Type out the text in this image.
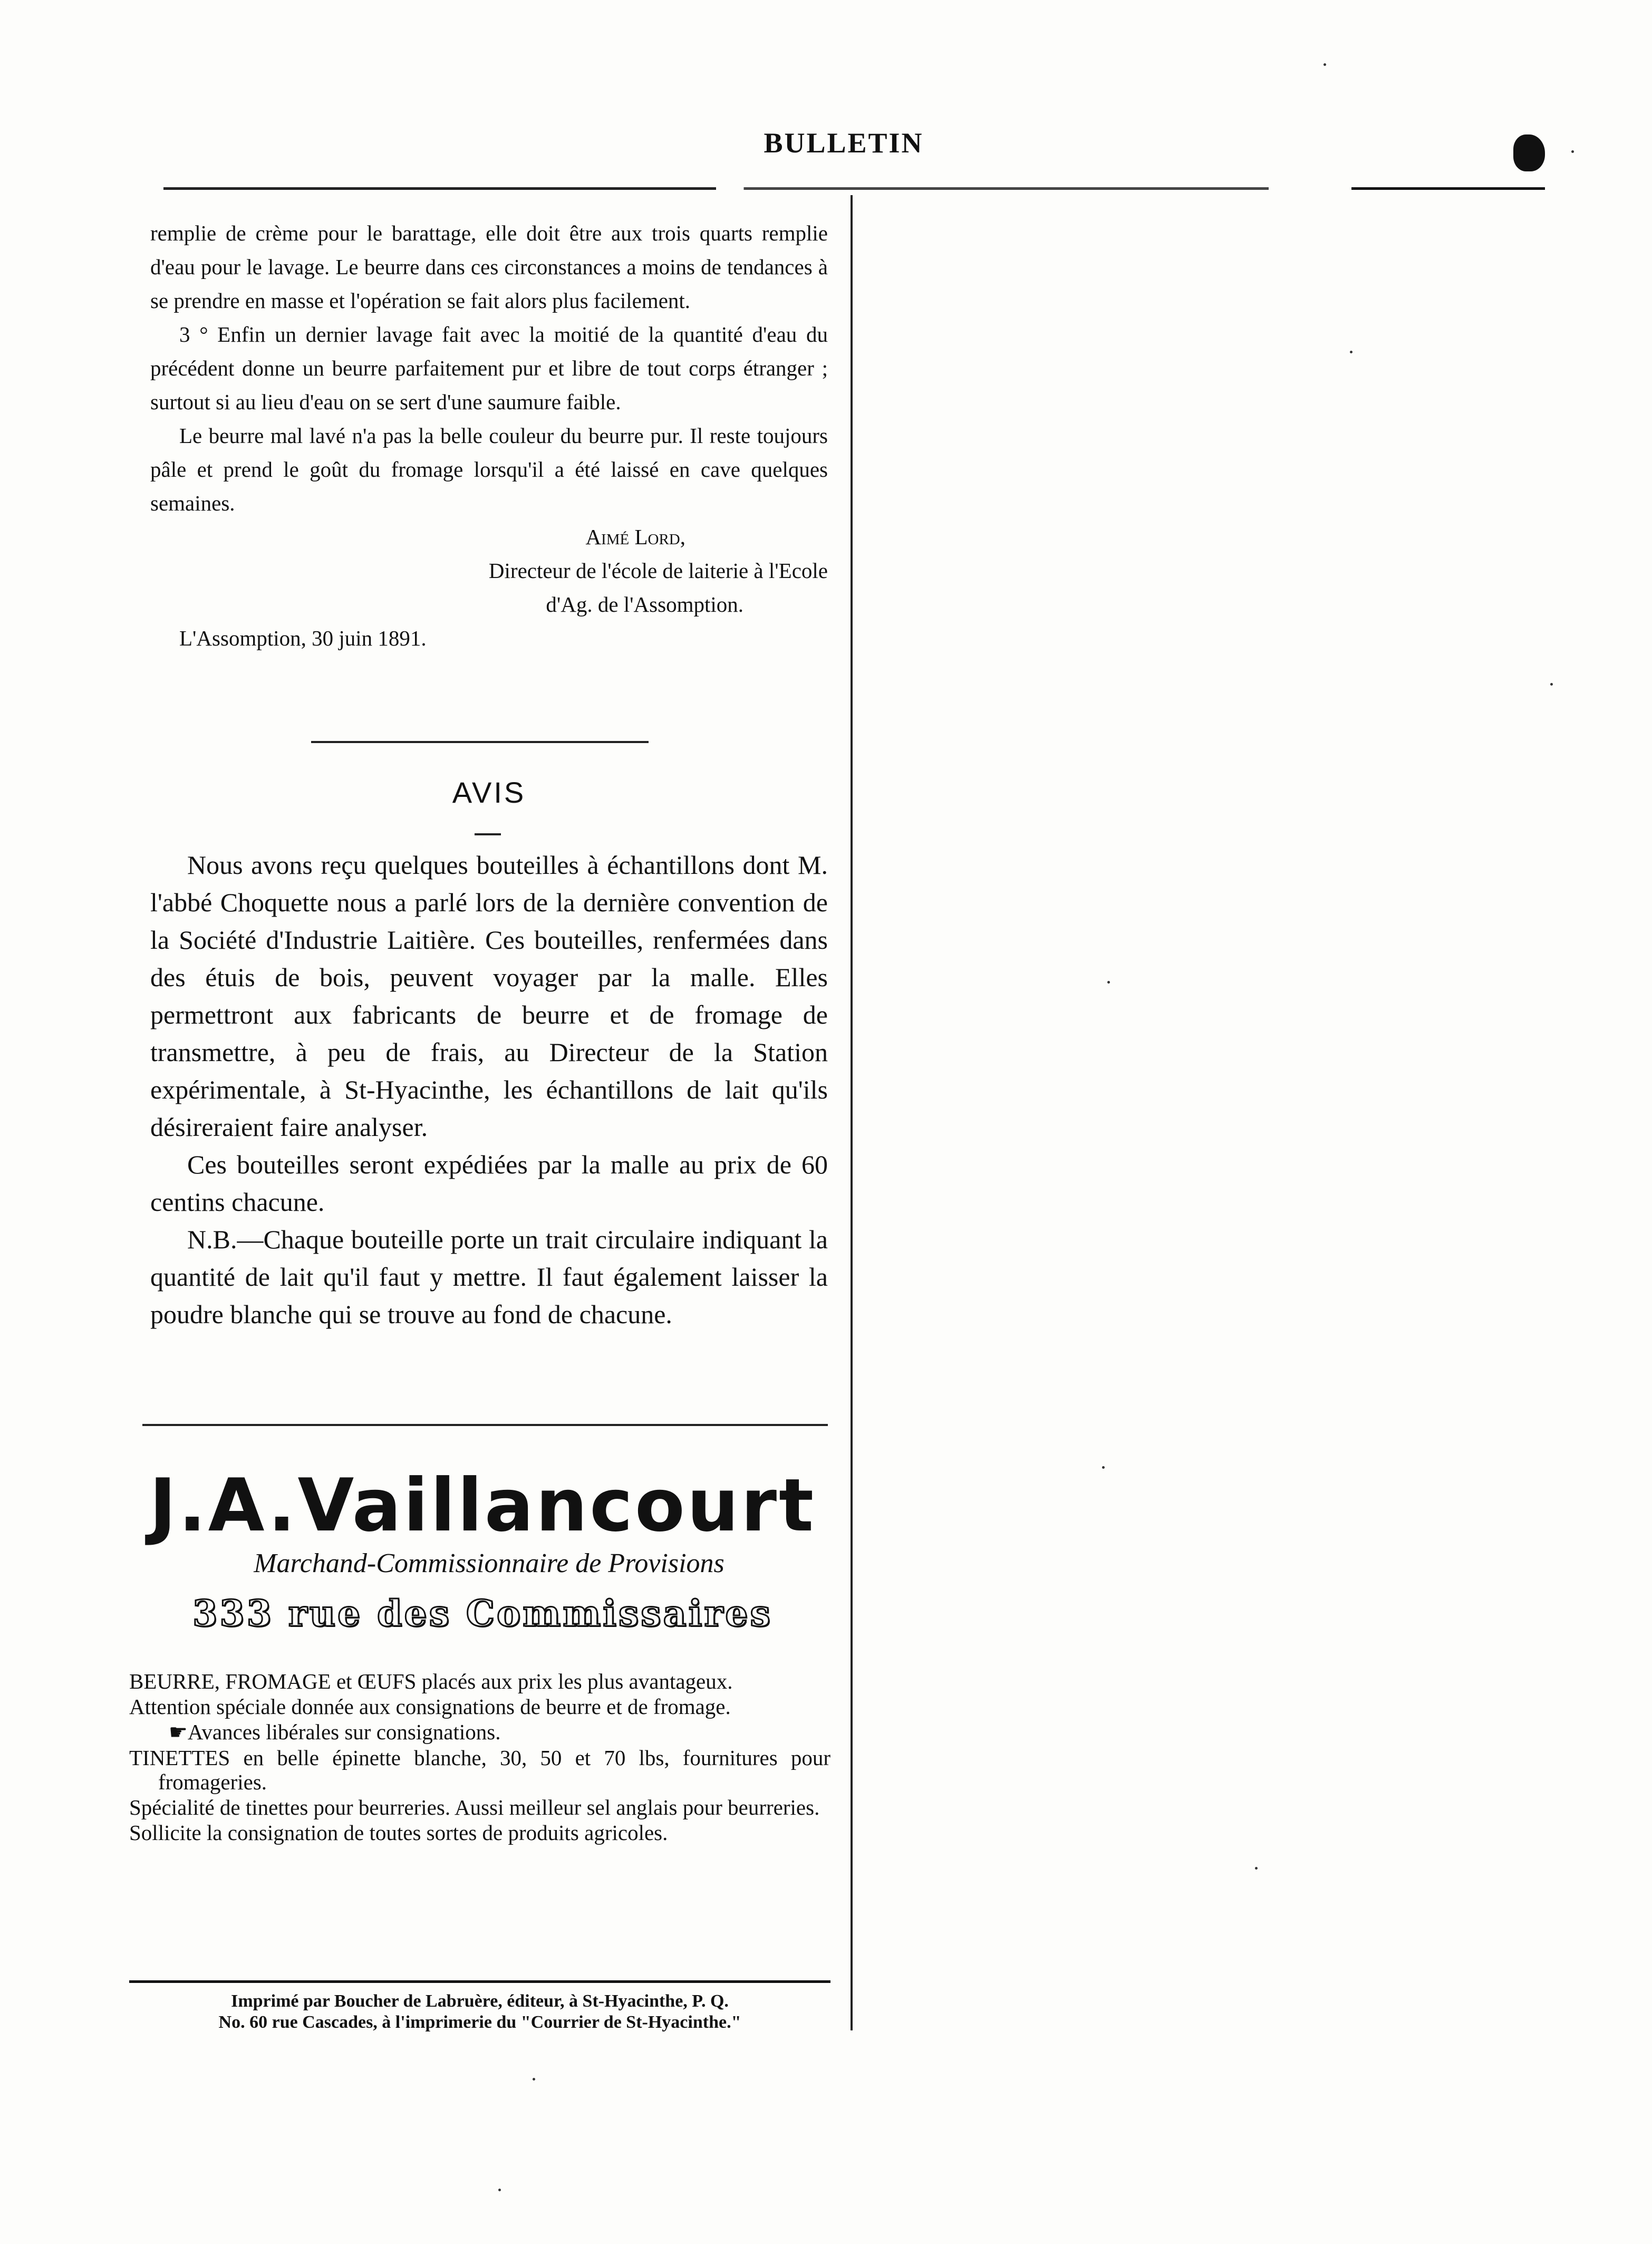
BULLETIN

remplie de crème pour le barattage, elle doit être aux trois quarts remplie d'eau pour le lavage. Le beurre dans ces circonstances a moins de tendances à se prendre en masse et l'opération se fait alors plus facilement.

3 ° Enfin un dernier lavage fait avec la moitié de la quantité d'eau du précédent donne un beurre parfaitement pur et libre de tout corps étranger ; surtout si au lieu d'eau on se sert d'une saumure faible.

Le beurre mal lavé n'a pas la belle couleur du beurre pur. Il reste toujours pâle et prend le goût du fromage lorsqu'il a été laissé en cave quelques semaines.

Aimé Lord,
Directeur de l'école de laiterie à l'Ecole
d'Ag. de l'Assomption.
L'Assomption, 30 juin 1891.
AVIS

Nous avons reçu quelques bouteilles à échantillons dont M. l'abbé Choquette nous a parlé lors de la dernière convention de la Société d'Industrie Laitière. Ces bouteilles, renfermées dans des étuis de bois, peuvent voyager par la malle. Elles permettront aux fabricants de beurre et de fromage de transmettre, à peu de frais, au Directeur de la Station expérimentale, à St-Hyacinthe, les échantillons de lait qu'ils désireraient faire analyser.

Ces bouteilles seront expédiées par la malle au prix de 60 centins chacune.

N.B.—Chaque bouteille porte un trait circulaire indiquant la quantité de lait qu'il faut y mettre. Il faut également laisser la poudre blanche qui se trouve au fond de chacune.

J.A.Vaillancourt
Marchand-Commissionnaire de Provisions
333 rue des Commissaires

BEURRE, FROMAGE et ŒUFS placés aux prix les plus avantageux.

Attention spéciale donnée aux consignations de beurre et de fromage.

☛Avances libérales sur consignations.

TINETTES en belle épinette blanche, 30, 50 et 70 lbs, fournitures pour fromageries.

Spécialité de tinettes pour beurreries. Aussi meilleur sel anglais pour beurreries.

Sollicite la consignation de toutes sortes de produits agricoles.

Imprimé par Boucher de Labruère, éditeur, à St-Hyacinthe, P. Q.
No. 60 rue Cascades, à l'imprimerie du "Courrier de St-Hyacinthe."
